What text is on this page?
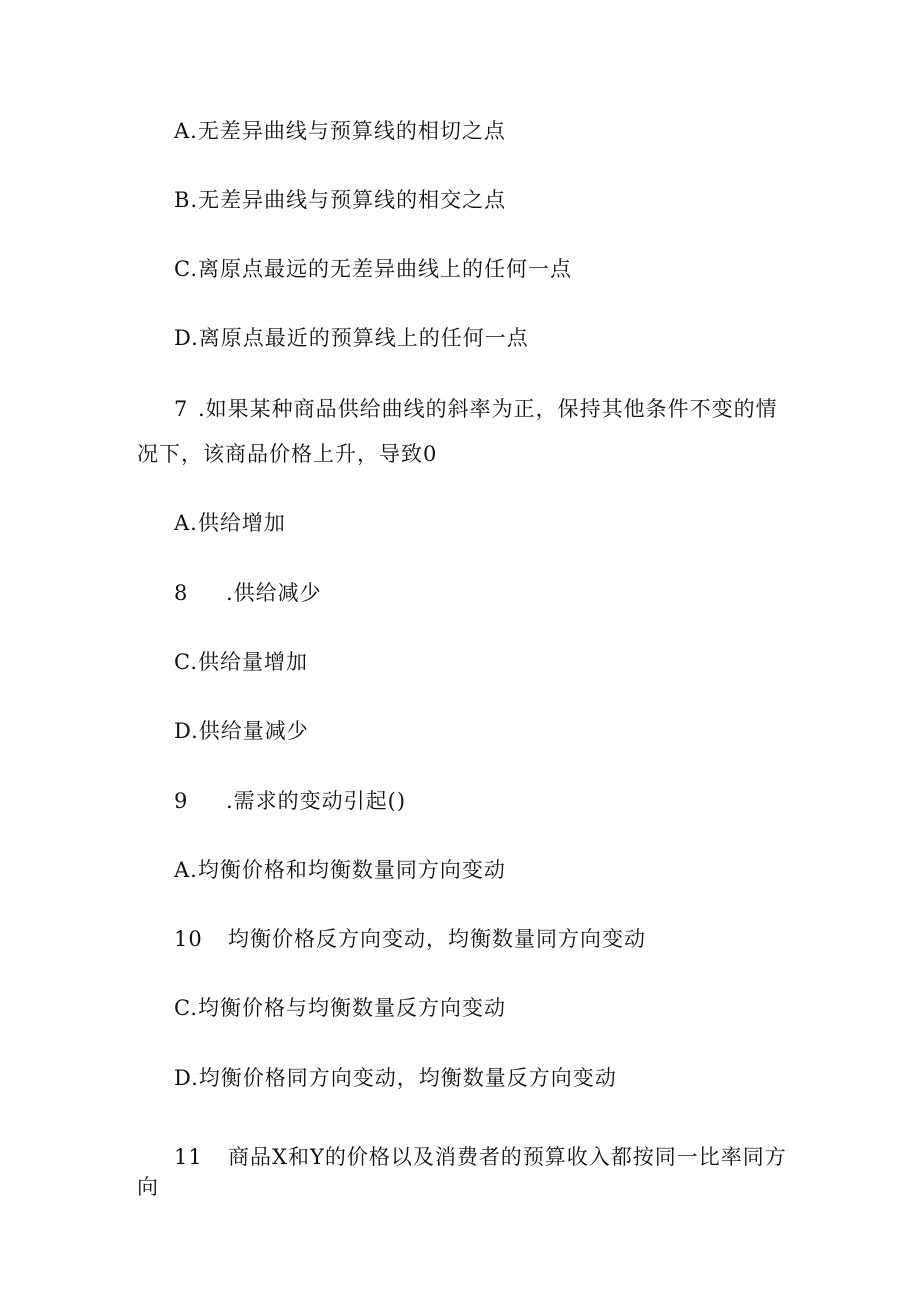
A.无差异曲线与预算线的相切之点
B.无差异曲线与预算线的相交之点
C.离原点最远的无差异曲线上的任何一点
D.离原点最近的预算线上的任何一点
7 .如果某种商品供给曲线的斜率为正，保持其他条件不变的情
况下，该商品价格上升，导致0
A.供给增加
8 .供给减少
C.供给量增加
D.供给量减少
9 .需求的变动引起()
A.均衡价格和均衡数量同方向变动
10 均衡价格反方向变动，均衡数量同方向变动
C.均衡价格与均衡数量反方向变动
D.均衡价格同方向变动，均衡数量反方向变动
11 商品X和Y的价格以及消费者的预算收入都按同一比率同方
向
